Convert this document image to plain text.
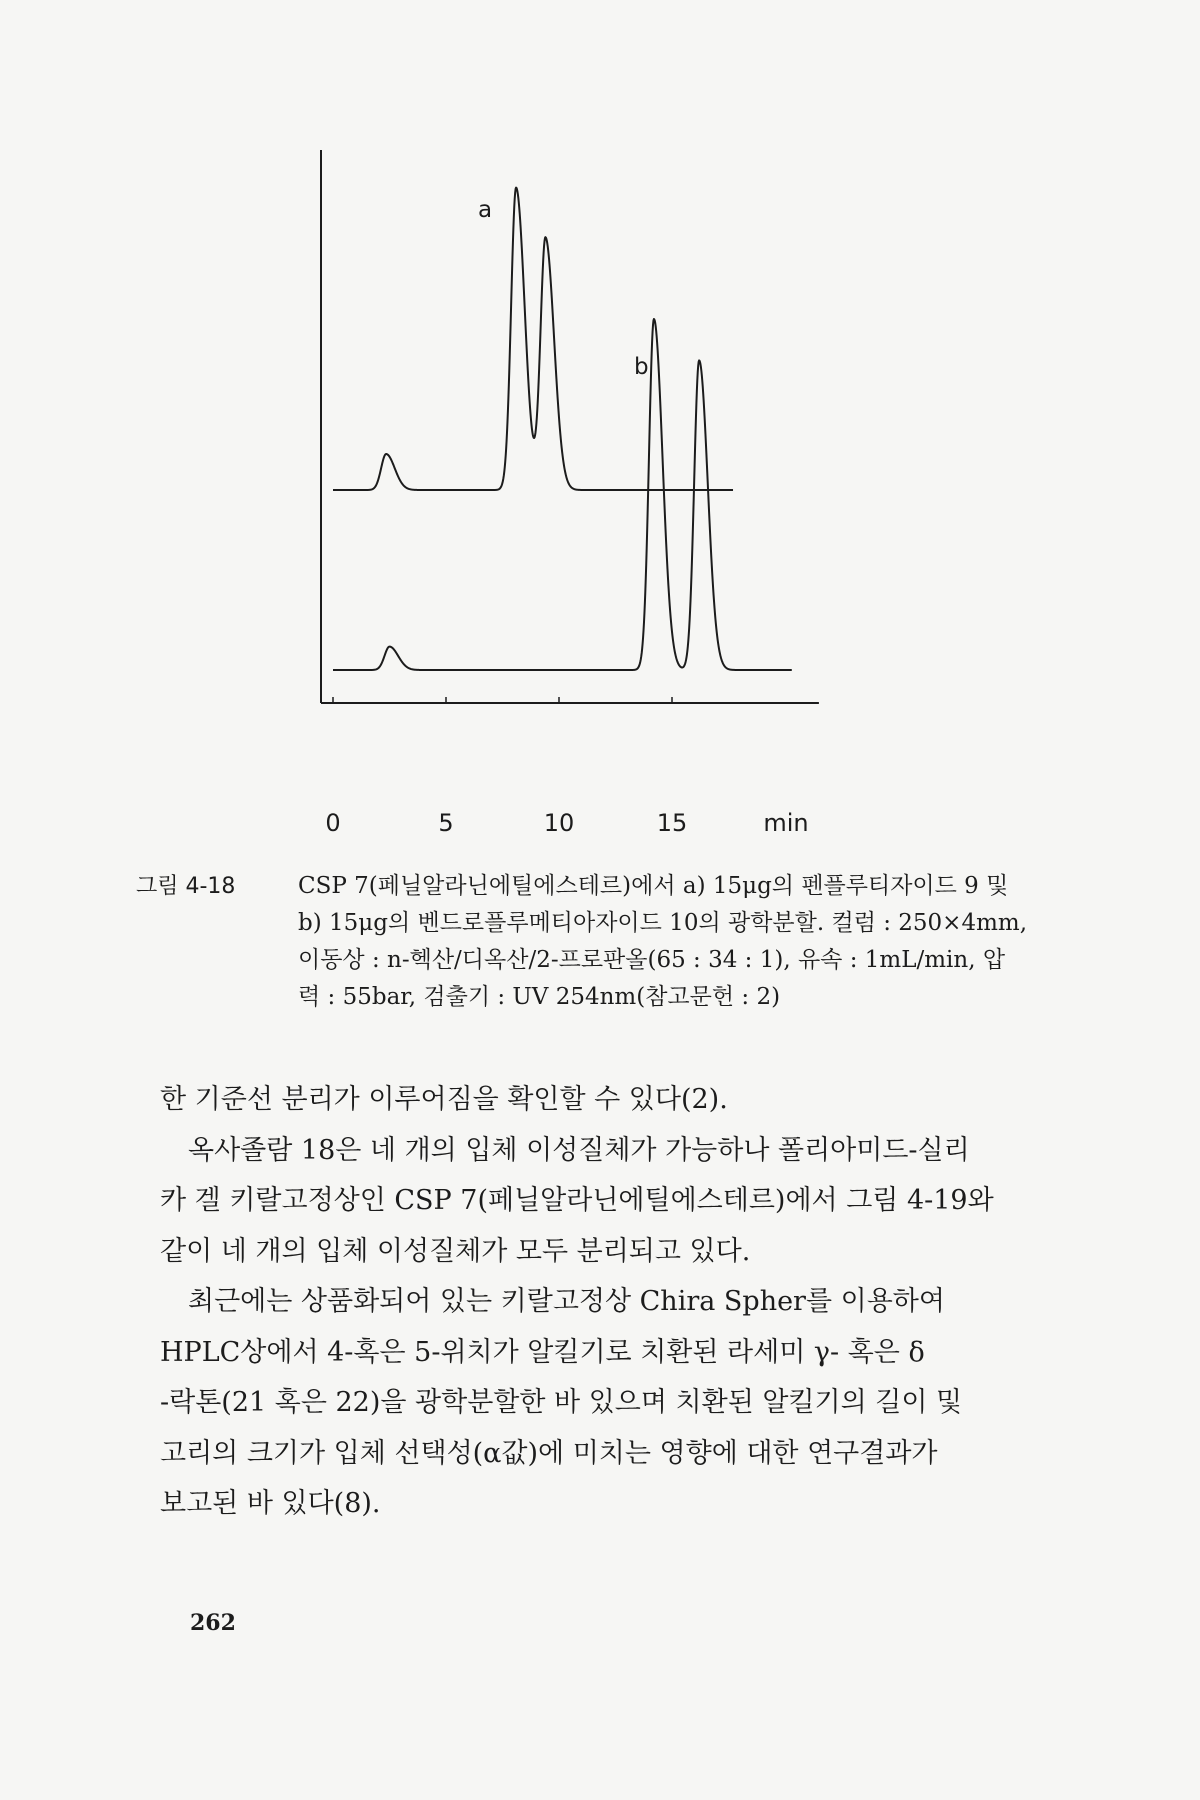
a
b
0	5	10	15	min
그림 4-18	CSP 7(페닐알라닌에틸에스테르)에서 a) 15μg의 펜플루티자이드 9 및
b) 15μg의 벤드로플루메티아자이드 10의 광학분할. 컬럼 : 250×4mm,
이동상 : n-헥산/디옥산/2-프로판올(65 : 34 : 1), 유속 : 1mL/min, 압
력 : 55bar, 검출기 : UV 254nm(참고문헌 : 2)

한 기준선 분리가 이루어짐을 확인할 수 있다(2).

옥사졸람 18은 네 개의 입체 이성질체가 가능하나 폴리아미드-실리
카 겔 키랄고정상인 CSP 7(페닐알라닌에틸에스테르)에서 그림 4-19와
같이 네 개의 입체 이성질체가 모두 분리되고 있다.

최근에는 상품화되어 있는 키랄고정상 Chira Spher를 이용하여
HPLC상에서 4-혹은 5-위치가 알킬기로 치환된 라세미 γ- 혹은 δ
-락톤(21 혹은 22)을 광학분할한 바 있으며 치환된 알킬기의 길이 및
고리의 크기가 입체 선택성(α값)에 미치는 영향에 대한 연구결과가
보고된 바 있다(8).

262
